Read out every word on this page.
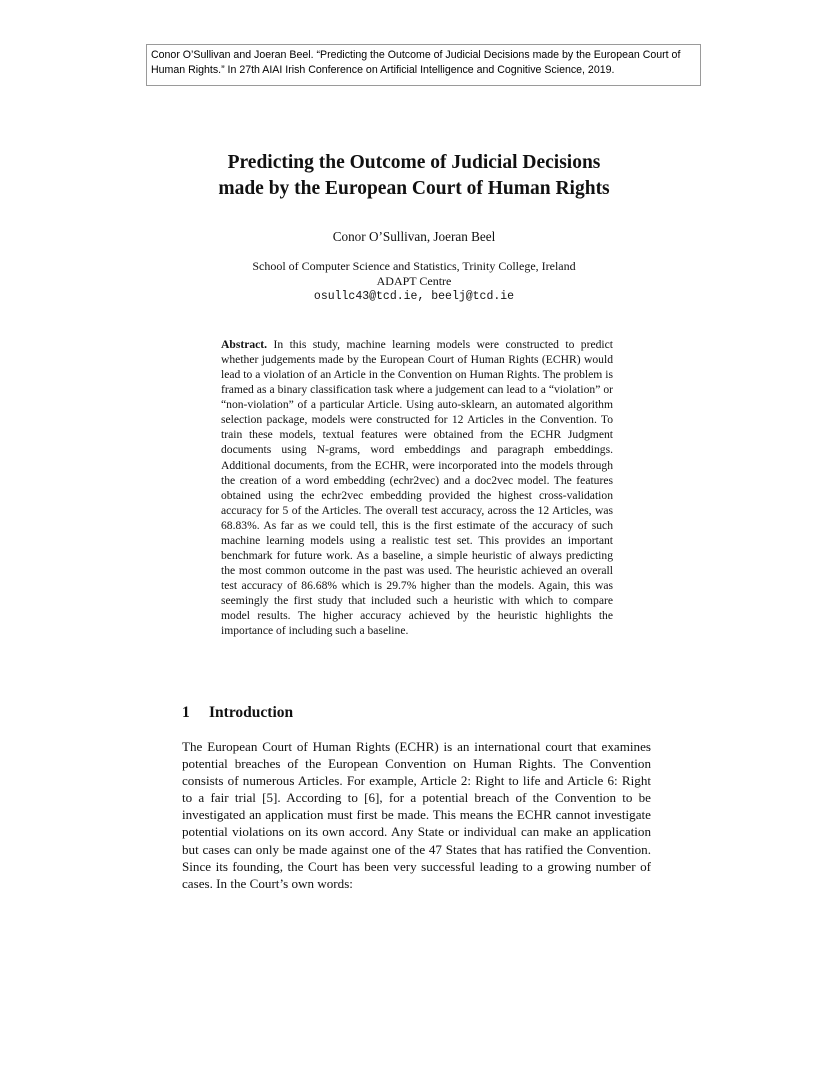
Conor O’Sullivan and Joeran Beel. “Predicting the Outcome of Judicial Decisions made by the European Court of Human Rights.” In 27th AIAI Irish Conference on Artificial Intelligence and Cognitive Science, 2019.
Predicting the Outcome of Judicial Decisions
made by the European Court of Human Rights
Conor O’Sullivan, Joeran Beel
School of Computer Science and Statistics, Trinity College, Ireland
ADAPT Centre
osullc43@tcd.ie, beelj@tcd.ie
Abstract. In this study, machine learning models were constructed to predict whether judgements made by the European Court of Human Rights (ECHR) would lead to a violation of an Article in the Convention on Human Rights. The problem is framed as a binary classification task where a judgement can lead to a “violation” or “non-violation” of a particular Article. Using auto-sklearn, an automated algorithm selection package, models were constructed for 12 Articles in the Convention. To train these models, textual features were obtained from the ECHR Judgment documents using N-grams, word embeddings and paragraph embeddings. Additional documents, from the ECHR, were incorporated into the models through the creation of a word embedding (echr2vec) and a doc2vec model. The features obtained using the echr2vec embedding provided the highest cross-validation accuracy for 5 of the Articles. The overall test accuracy, across the 12 Articles, was 68.83%. As far as we could tell, this is the first estimate of the accuracy of such machine learning models using a realistic test set. This provides an important benchmark for future work. As a baseline, a simple heuristic of always predicting the most common outcome in the past was used. The heuristic achieved an overall test accuracy of 86.68% which is 29.7% higher than the models. Again, this was seemingly the first study that included such a heuristic with which to compare model results. The higher accuracy achieved by the heuristic highlights the importance of including such a baseline.
1 Introduction
The European Court of Human Rights (ECHR) is an international court that examines potential breaches of the European Convention on Human Rights. The Convention consists of numerous Articles. For example, Article 2: Right to life and Article 6: Right to a fair trial [5]. According to [6], for a potential breach of the Convention to be investigated an application must first be made. This means the ECHR cannot investigate potential violations on its own accord. Any State or individual can make an application but cases can only be made against one of the 47 States that has ratified the Convention. Since its founding, the Court has been very successful leading to a growing number of cases. In the Court’s own words:
